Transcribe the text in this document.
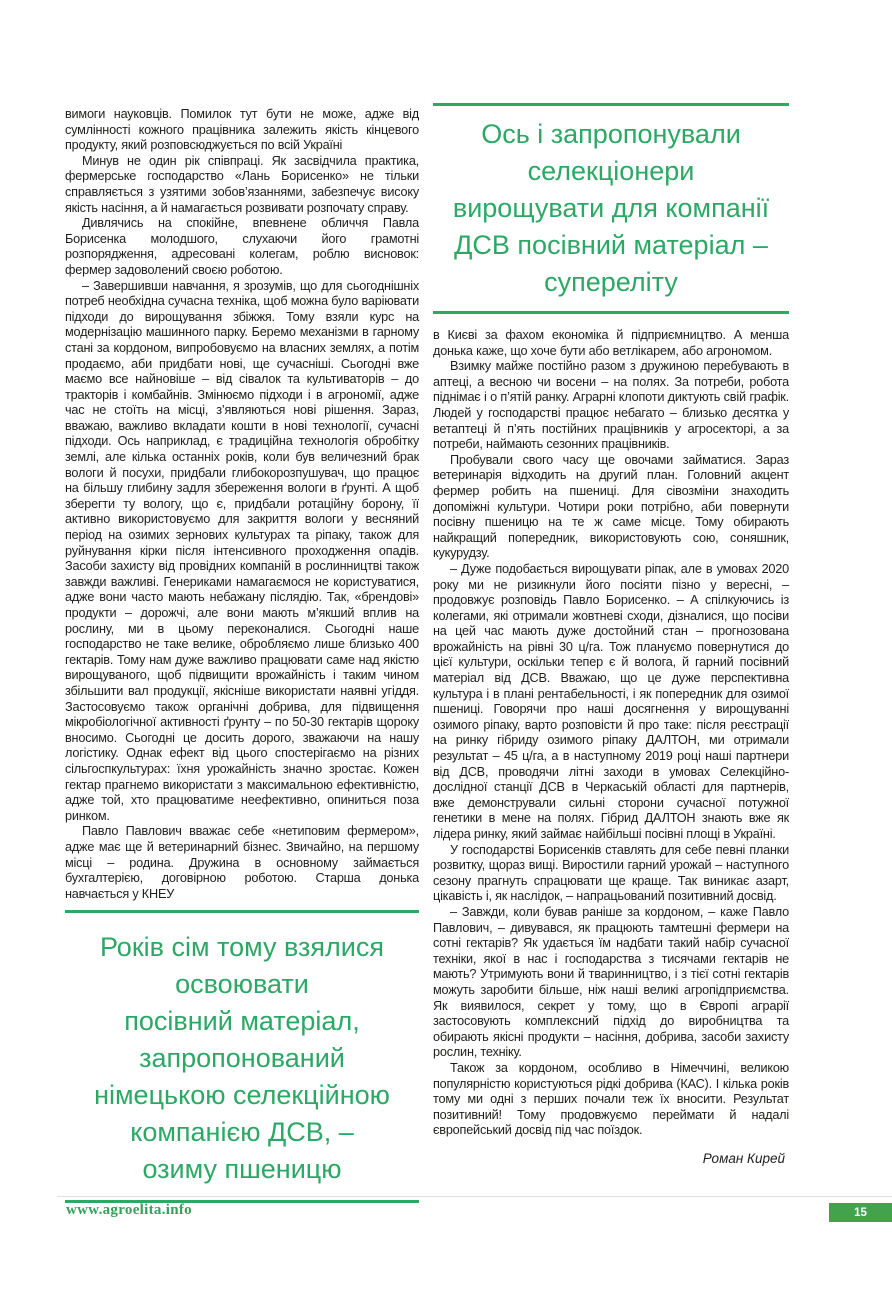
вимоги науковців. Помилок тут бути не може, адже від сумлінності кожного працівника залежить якість кінцевого продукту, який розповсюджується по всій Україні

Минув не один рік співпраці. Як засвідчила практика, фермерське господарство «Лань Борисенко» не тільки справляється з узятими зобов’язаннями, забезпечує високу якість насіння, а й намагається розвивати розпочату справу.

Дивлячись на спокійне, впевнене обличчя Павла Борисенка молодшого, слухаючи його грамотні розпорядження, адресовані колегам, роблю висновок: фермер задоволений своєю роботою.

– Завершивши навчання, я зрозумів, що для сьогоднішніх потреб необхідна сучасна техніка, щоб можна було варіювати підходи до вирощування збіжжя. Тому взяли курс на модернізацію машинного парку. Беремо механізми в гарному стані за кордоном, випробовуємо на власних землях, а потім продаємо, аби придбати нові, ще сучасніші. Сьогодні вже маємо все найновіше – від сівалок та культиваторів – до тракторів і комбайнів. Змінюємо підходи і в агрономії, адже час не стоїть на місці, з’являються нові рішення. Зараз, вважаю, важливо вкладати кошти в нові технології, сучасні підходи. Ось наприклад, є традиційна технологія обробітку землі, але кілька останніх років, коли був величезний брак вологи й посухи, придбали глибокорозпушувач, що працює на більшу глибину задля збереження вологи в ґрунті. А щоб зберегти ту вологу, що є, придбали ротаційну борону, її активно використовуємо для закриття вологи у весняний період на озимих зернових культурах та ріпаку, також для руйнування кірки після інтенсивного проходження опадів. Засоби захисту від провідних компаній в рослинництві також завжди важливі. Генериками намагаємося не користуватися, адже вони часто мають небажану післядію. Так, «брендові» продукти – дорожчі, але вони мають м’якший вплив на рослину, ми в цьому переконалися. Сьогодні наше господарство не таке велике, обробляємо лише близько 400 гектарів. Тому нам дуже важливо працювати саме над якістю вирощуваного, щоб підвищити врожайність і таким чином збільшити вал продукції, якісніше використати наявні угіддя. Застосовуємо також органічні добрива, для підвищення мікробіологічної активності ґрунту – по 50-30 гектарів щороку вносимо. Сьогодні це досить дорого, зважаючи на нашу логістику. Однак ефект від цього спостерігаємо на різних сільгоспкультурах: їхня урожайність значно зростає. Кожен гектар прагнемо використати з максимальною ефективністю, адже той, хто працюватиме неефективно, опиниться поза ринком.

Павло Павлович вважає себе «нетиповим фермером», адже має ще й ветеринарний бізнес. Звичайно, на першому місці – родина. Дружина в основному займається бухгалтерією, договірною роботою. Старша донька навчається у КНЕУ

Років сім тому взялися
освоювати
посівний матеріал,
запропонований
німецькою селекційною
компанією ДСВ, –
озиму пшеницю
Ось і запропонували
селекціонери
вирощувати для компанії
ДСВ посівний матеріал –
супереліту

в Києві за фахом економіка й підприємництво. А менша донька каже, що хоче бути або ветлікарем, або агрономом.

Взимку майже постійно разом з дружиною перебувають в аптеці, а весною чи восени – на полях. За потреби, робота піднімає і о п’ятій ранку. Аграрні клопоти диктують свій графік. Людей у господарстві працює небагато – близько десятка у ветаптеці й п’ять постійних працівників у агросекторі, а за потреби, наймають сезонних працівників.

Пробували свого часу ще овочами займатися. Зараз ветеринарія відходить на другий план. Головний акцент фермер робить на пшениці. Для сівозміни знаходить допоміжні культури. Чотири роки потрібно, аби повернути посівну пшеницю на те ж саме місце. Тому обирають найкращий попередник, використовують сою, соняшник, кукурудзу.

– Дуже подобається вирощувати ріпак, але в умовах 2020 року ми не ризикнули його посіяти пізно у вересні, – продовжує розповідь Павло Борисенко. – А спілкуючись із колегами, які отримали жовтневі сходи, дізналися, що посіви на цей час мають дуже достойний стан – прогнозована врожайність на рівні 30 ц/га. Тож плануємо повернутися до цієї культури, оскільки тепер є й волога, й гарний посівний матеріал від ДСВ. Вважаю, що це дуже перспективна культура і в плані рентабельності, і як попередник для озимої пшениці. Говорячи про наші досягнення у вирощуванні озимого ріпаку, варто розповісти й про таке: після реєстрації на ринку гібриду озимого ріпаку ДАЛТОН, ми отримали результат – 45 ц/га, а в наступному 2019 році наші партнери від ДСВ, проводячи літні заходи в умовах Селекційно-дослідної станції ДСВ в Черкаській області для партнерів, вже демонстрували сильні сторони сучасної потужної генетики в мене на полях. Гібрид ДАЛТОН знають вже як лідера ринку, який займає найбільші посівні площі в Україні.

У господарстві Борисенків ставлять для себе певні планки розвитку, щораз вищі. Виростили гарний урожай – наступного сезону прагнуть спрацювати ще краще. Так виникає азарт, цікавість і, як наслідок, – напрацьований позитивний досвід.

– Завжди, коли бував раніше за кордоном, – каже Павло Павлович, – дивувався, як працюють тамтешні фермери на сотні гектарів? Як удається їм надбати такий набір сучасної техніки, якої в нас і господарства з тисячами гектарів не мають? Утримують вони й тваринництво, і з тієї сотні гектарів можуть заробити більше, ніж наші великі агропідприємства. Як виявилося, секрет у тому, що в Європі аграрії застосовують комплексний підхід до виробництва та обирають якісні продукти – насіння, добрива, засоби захисту рослин, техніку.

Також за кордоном, особливо в Німеччині, великою популярністю користуються рідкі добрива (КАС). І кілька років тому ми одні з перших почали теж їх вносити. Результат позитивний! Тому продовжуємо переймати й надалі європейський досвід під час поїздок.

Роман Кирей
www.agroelita.info	15
